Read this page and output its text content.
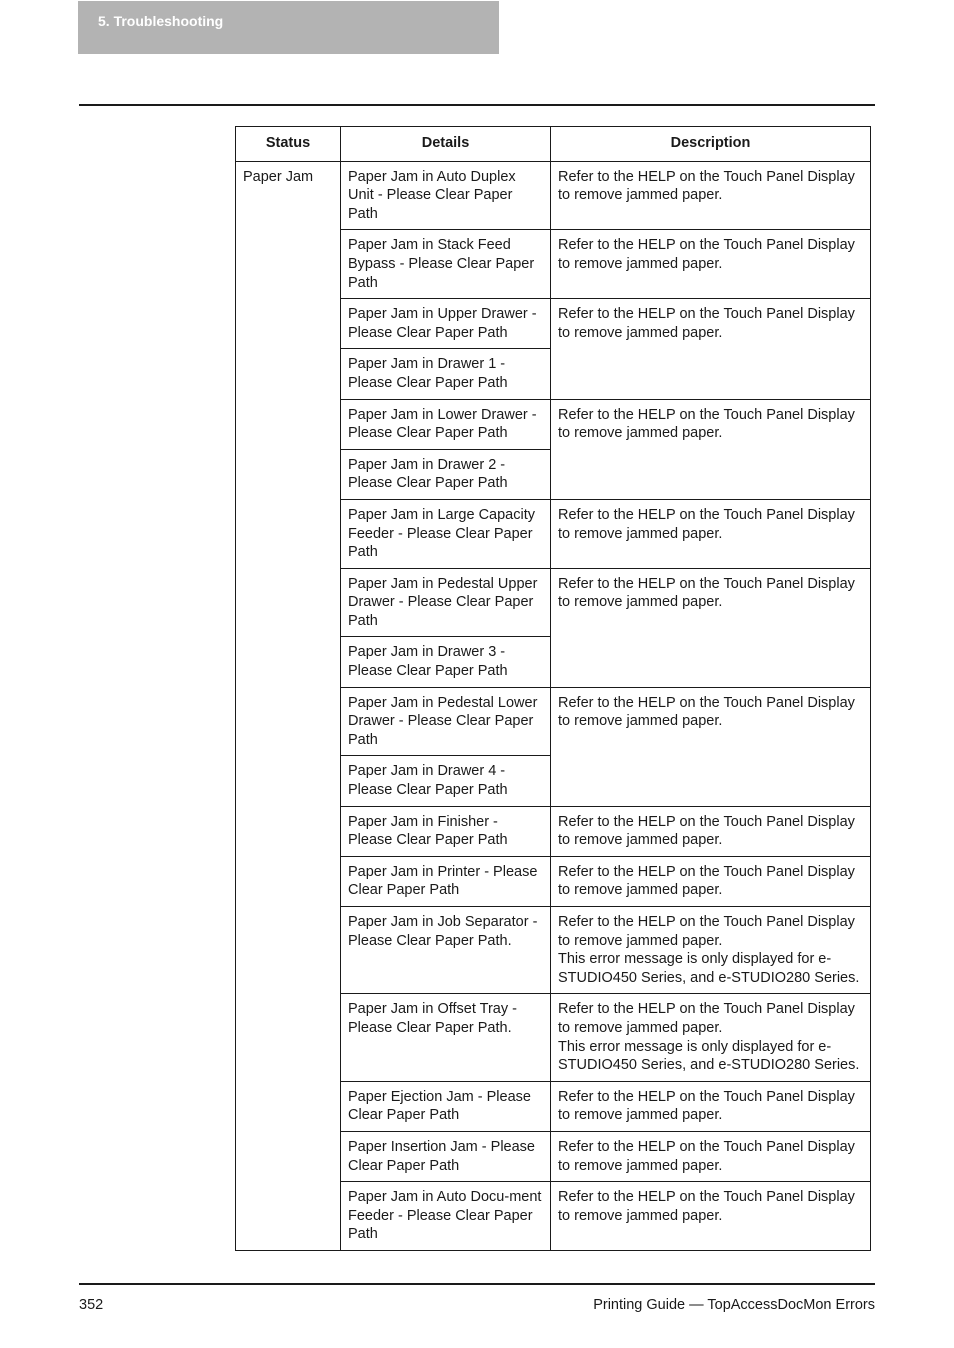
5. Troubleshooting
Status	Details	Description
Paper Jam	Paper Jam in Auto Duplex Unit - Please Clear Paper Path	Refer to the HELP on the Touch Panel Display to remove jammed paper.

	Paper Jam in Stack Feed Bypass - Please Clear Paper Path	Refer to the HELP on the Touch Panel Display to remove jammed paper.

	Paper Jam in Upper Drawer - Please Clear Paper Path	Refer to the HELP on the Touch Panel Display to remove jammed paper.

	Paper Jam in Drawer 1 - Please Clear Paper Path	
	Paper Jam in Lower Drawer - Please Clear Paper Path	Refer to the HELP on the Touch Panel Display to remove jammed paper.

	Paper Jam in Drawer 2 - Please Clear Paper Path	
	Paper Jam in Large Capacity Feeder - Please Clear Paper Path	Refer to the HELP on the Touch Panel Display to remove jammed paper.

	Paper Jam in Pedestal Upper Drawer - Please Clear Paper Path	Refer to the HELP on the Touch Panel Display to remove jammed paper.

	Paper Jam in Drawer 3 - Please Clear Paper Path	
	Paper Jam in Pedestal Lower Drawer - Please Clear Paper Path	Refer to the HELP on the Touch Panel Display to remove jammed paper.

	Paper Jam in Drawer 4 - Please Clear Paper Path	
	Paper Jam in Finisher - Please Clear Paper Path	Refer to the HELP on the Touch Panel Display to remove jammed paper.

	Paper Jam in Printer - Please Clear Paper Path	Refer to the HELP on the Touch Panel Display to remove jammed paper.

	Paper Jam in Job Separator - Please Clear Paper Path.	Refer to the HELP on the Touch Panel Display to remove jammed paper.
This error message is only displayed for e-STUDIO450 Series, and e-STUDIO280 Series.

	Paper Jam in Offset Tray - Please Clear Paper Path.	Refer to the HELP on the Touch Panel Display to remove jammed paper.
This error message is only displayed for e-STUDIO450 Series, and e-STUDIO280 Series.

	Paper Ejection Jam - Please Clear Paper Path	Refer to the HELP on the Touch Panel Display to remove jammed paper.

	Paper Insertion Jam - Please Clear Paper Path	Refer to the HELP on the Touch Panel Display to remove jammed paper.

	Paper Jam in Auto Docu-ment Feeder - Please Clear Paper Path	Refer to the HELP on the Touch Panel Display to remove jammed paper.
352	Printing Guide — TopAccessDocMon Errors
